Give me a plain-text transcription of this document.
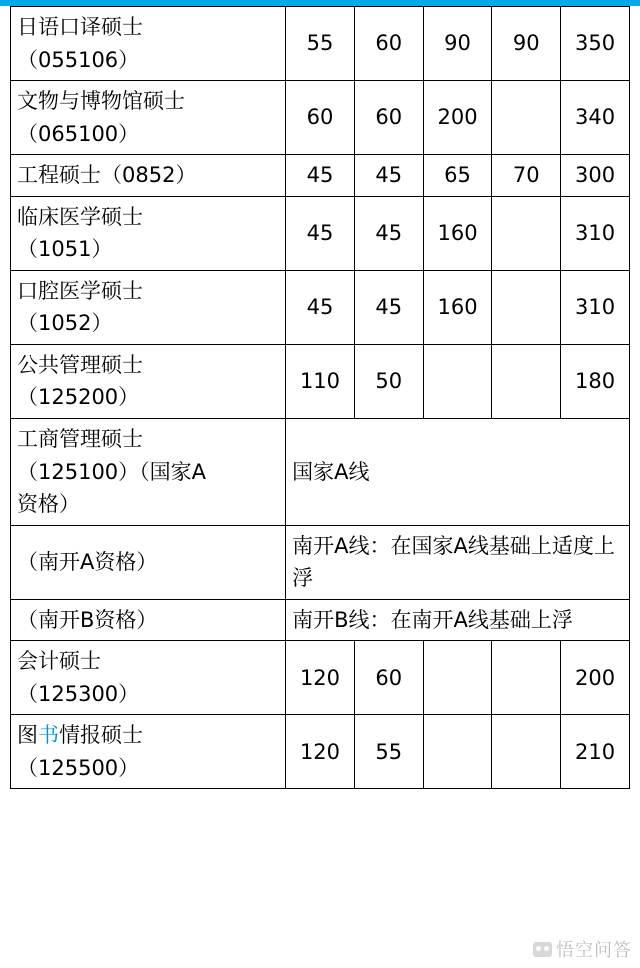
日语口译硕士
（055106）	55	60	90	90	350

文物与博物馆硕士
（065100）	60	60	200		340

工程硕士（0852）	45	45	65	70	300

临床医学硕士
（1051）	45	45	160		310

口腔医学硕士
（1052）	45	45	160		310

公共管理硕士
（125200）	110	50			180

工商管理硕士
（125100）（国家A
资格）	国家A线				

（南开A资格）	南开A线：在国家A线基础上适度上浮				

（南开B资格）	南开B线：在南开A线基础上浮				

会计硕士
（125300）	120	60			200

图书情报硕士
（125500）	120	55			210
悟空问答
